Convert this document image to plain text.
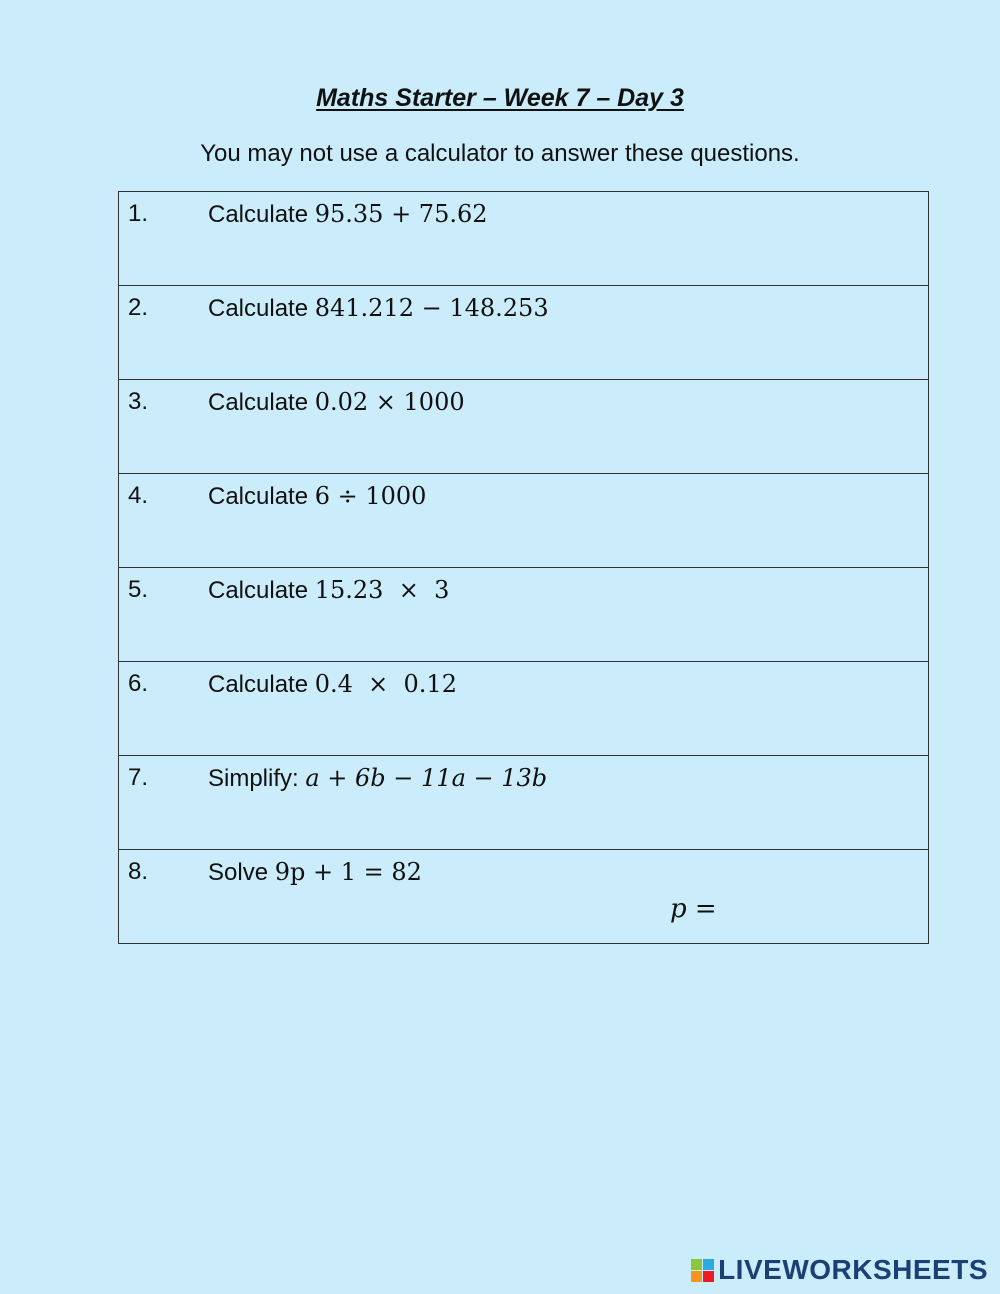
Maths Starter – Week 7 – Day 3
You may not use a calculator to answer these questions.
1. Calculate 95.35 + 75.62

2. Calculate 841.212 − 148.253

3. Calculate 0.02 × 1000

4. Calculate 6 ÷ 1000

5. Calculate 15.23  ×  3

6. Calculate 0.4  ×  0.12

7. Simplify: a + 6b − 11a − 13b

8. Solve 9p + 1 = 82
p =
LIVEWORKSHEETS
